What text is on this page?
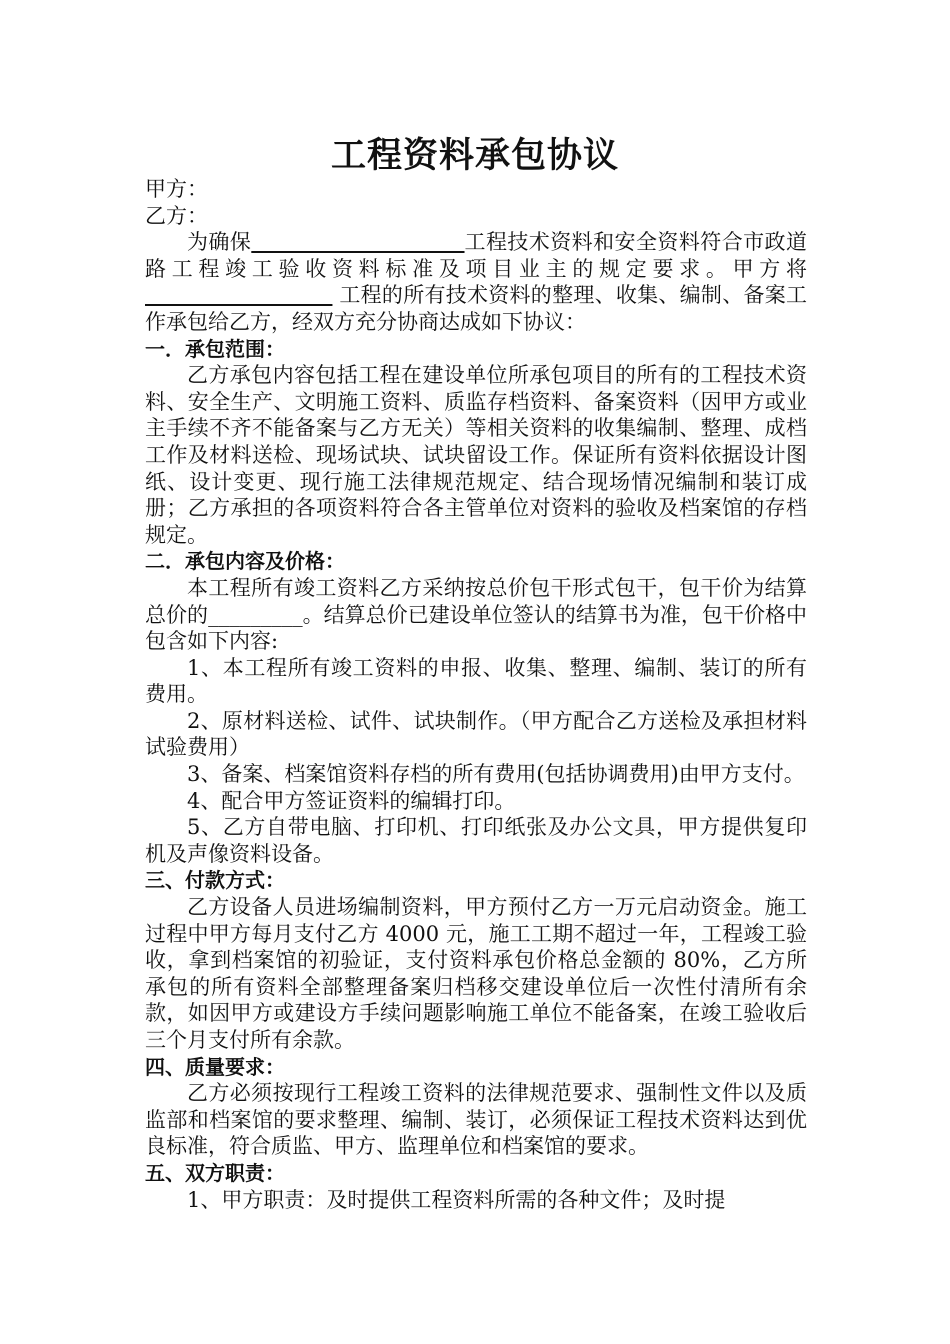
工程资料承包协议

甲方：

乙方：

为确保	工程技术资料和安全资料符合市政道路工程竣工验收资料标准及项目业主的规定要求。甲方将                             工程的所有技术资料的整理、收集、编制、备案工作承包给乙方，经双方充分协商达成如下协议：

一．承包范围：

乙方承包内容包括工程在建设单位所承包项目的所有的工程技术资料、安全生产、文明施工资料、质监存档资料、备案资料（因甲方或业主手续不齐不能备案与乙方无关）等相关资料的收集编制、整理、成档工作及材料送检、现场试块、试块留设工作。保证所有资料依据设计图纸、设计变更、现行施工法律规范规定、结合现场情况编制和装订成册；乙方承担的各项资料符合各主管单位对资料的验收及档案馆的存档规定。

二．承包内容及价格：

本工程所有竣工资料乙方采纳按总价包干形式包干，包干价为结算总价的_________。结算总价已建设单位签认的结算书为准，包干价格中包含如下内容:

1、本工程所有竣工资料的申报、收集、整理、编制、装订的所有费用。

2、原材料送检、试件、试块制作。（甲方配合乙方送检及承担材料试验费用）

3、备案、档案馆资料存档的所有费用(包括协调费用)由甲方支付。

4、配合甲方签证资料的编辑打印。

5、乙方自带电脑、打印机、打印纸张及办公文具，甲方提供复印机及声像资料设备。

三、付款方式：

乙方设备人员进场编制资料，甲方预付乙方一万元启动资金。施工过程中甲方每月支付乙方 4000 元，施工工期不超过一年，工程竣工验收，拿到档案馆的初验证，支付资料承包价格总金额的 80%，乙方所承包的所有资料全部整理备案归档移交建设单位后一次性付清所有余款，如因甲方或建设方手续问题影响施工单位不能备案，在竣工验收后三个月支付所有余款。

四、质量要求：

乙方必须按现行工程竣工资料的法律规范要求、强制性文件以及质监部和档案馆的要求整理、编制、装订，必须保证工程技术资料达到优良标准，符合质监、甲方、监理单位和档案馆的要求。

五、双方职责：

1、甲方职责：及时提供工程资料所需的各种文件；及时提
